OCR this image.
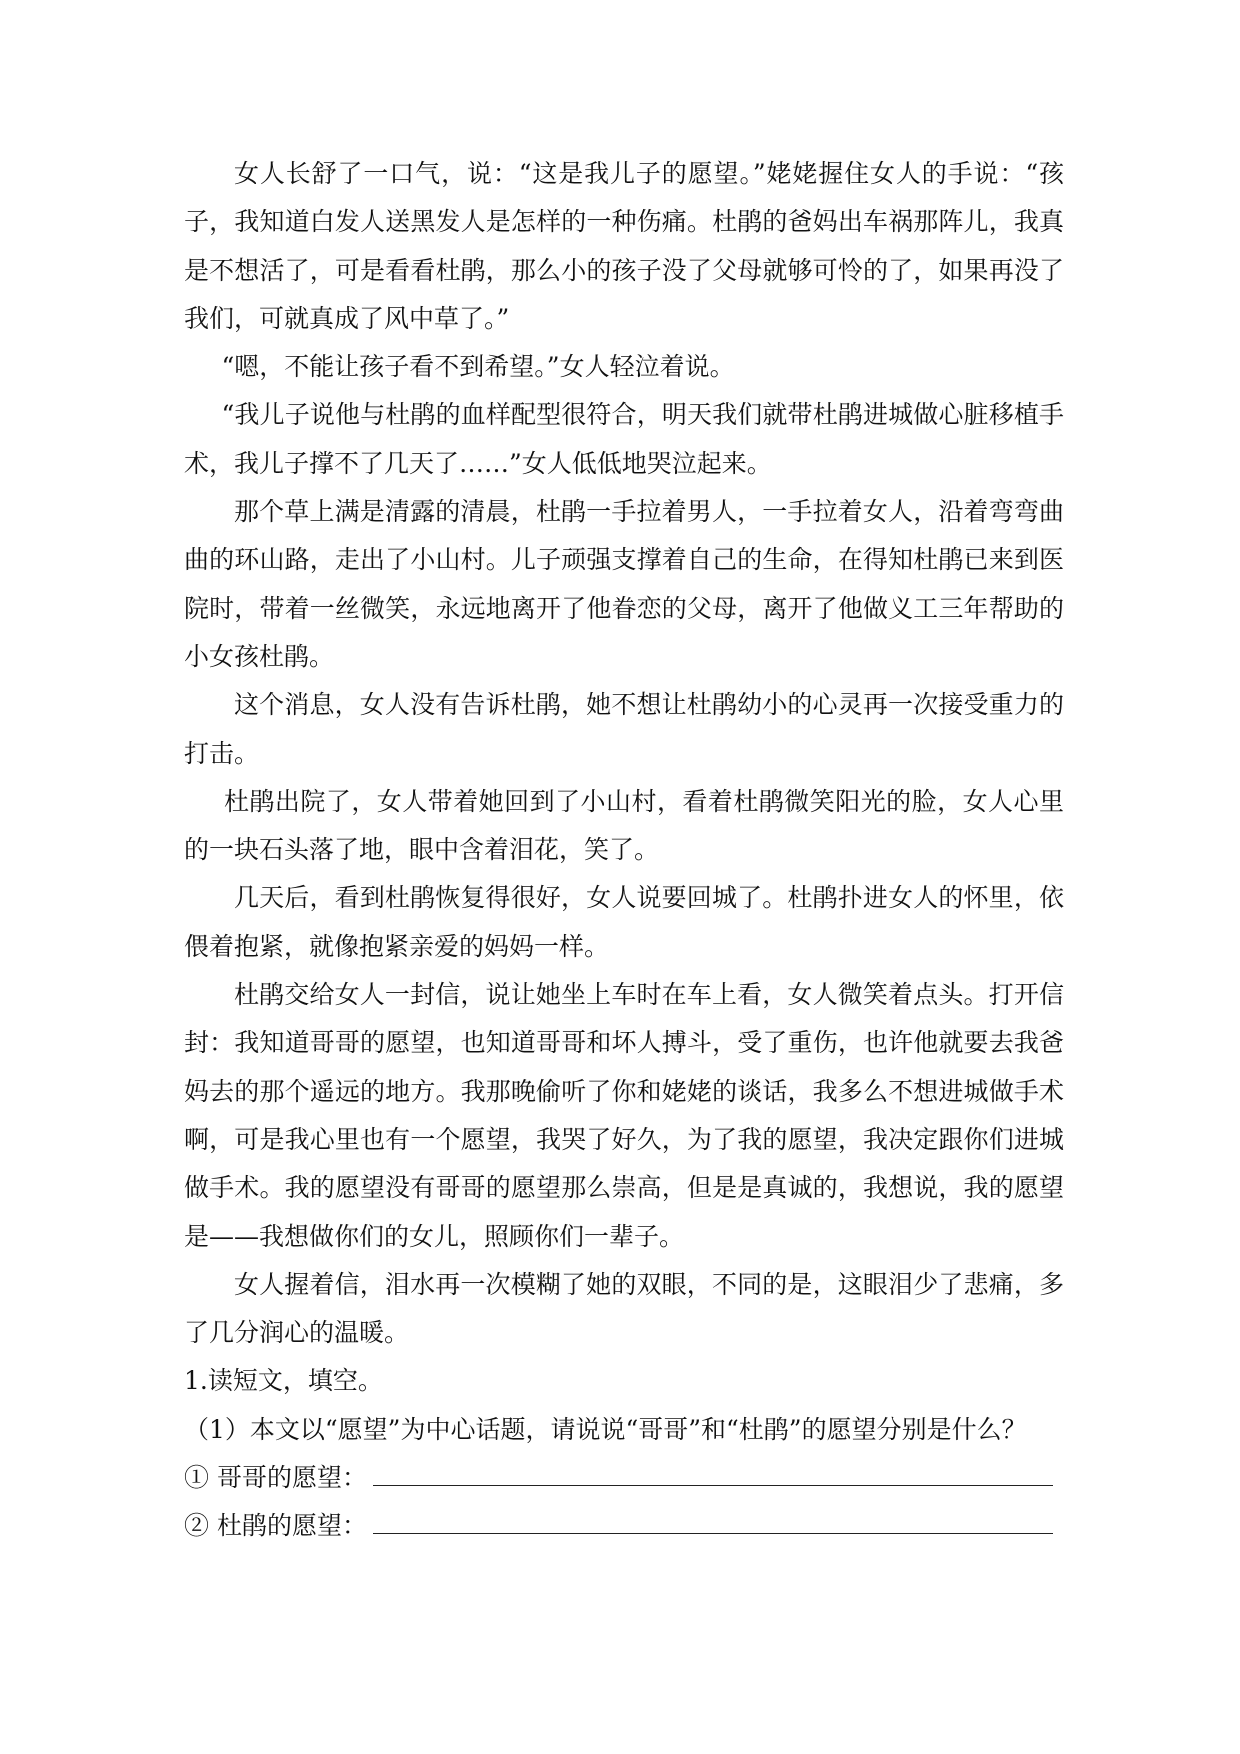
女人长舒了一口气，说：“这是我儿子的愿望。”姥姥握住女人的手说：“孩子，我知道白发人送黑发人是怎样的一种伤痛。杜鹃的爸妈出车祸那阵儿，我真是不想活了，可是看看杜鹃，那么小的孩子没了父母就够可怜的了，如果再没了我们，可就真成了风中草了。”

“嗯，不能让孩子看不到希望。”女人轻泣着说。

“我儿子说他与杜鹃的血样配型很符合，明天我们就带杜鹃进城做心脏移植手术，我儿子撑不了几天了……”女人低低地哭泣起来。

那个草上满是清露的清晨，杜鹃一手拉着男人，一手拉着女人，沿着弯弯曲曲的环山路，走出了小山村。儿子顽强支撑着自己的生命，在得知杜鹃已来到医院时，带着一丝微笑，永远地离开了他眷恋的父母，离开了他做义工三年帮助的小女孩杜鹃。

这个消息，女人没有告诉杜鹃，她不想让杜鹃幼小的心灵再一次接受重力的打击。

杜鹃出院了，女人带着她回到了小山村，看着杜鹃微笑阳光的脸，女人心里的一块石头落了地，眼中含着泪花，笑了。

几天后，看到杜鹃恢复得很好，女人说要回城了。杜鹃扑进女人的怀里，依偎着抱紧，就像抱紧亲爱的妈妈一样。

杜鹃交给女人一封信，说让她坐上车时在车上看，女人微笑着点头。打开信封：我知道哥哥的愿望，也知道哥哥和坏人搏斗，受了重伤，也许他就要去我爸妈去的那个遥远的地方。我那晚偷听了你和姥姥的谈话，我多么不想进城做手术啊，可是我心里也有一个愿望，我哭了好久，为了我的愿望，我决定跟你们进城做手术。我的愿望没有哥哥的愿望那么崇高，但是是真诚的，我想说，我的愿望是——我想做你们的女儿，照顾你们一辈子。

女人握着信，泪水再一次模糊了她的双眼，不同的是，这眼泪少了悲痛，多了几分润心的温暖。

1.读短文，填空。

（1）本文以“愿望”为中心话题，请说说“哥哥”和“杜鹃”的愿望分别是什么？

① 哥哥的愿望：
② 杜鹃的愿望：
